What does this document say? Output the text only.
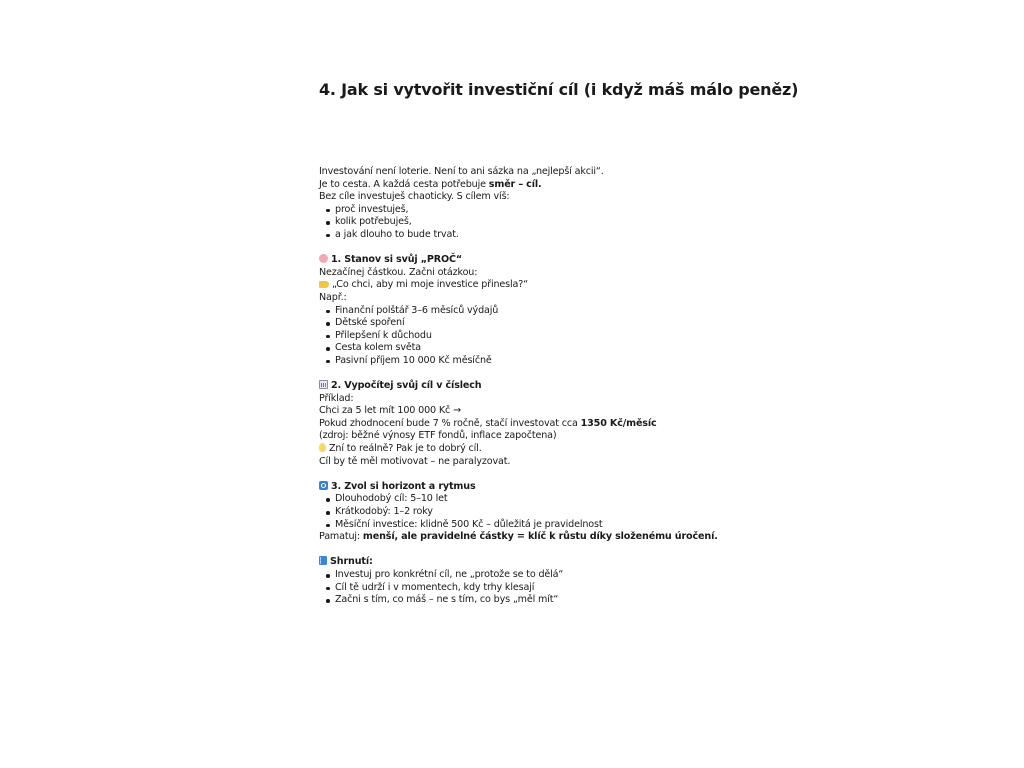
4. Jak si vytvořit investiční cíl (i když máš málo peněz)
Investování není loterie. Není to ani sázka na „nejlepší akcii“.
Je to cesta. A každá cesta potřebuje směr – cíl.
Bez cíle investuješ chaoticky. S cílem víš:
proč investuješ,
kolik potřebuješ,
a jak dlouho to bude trvat.
1. Stanov si svůj „PROČ“
Nezačínej částkou. Začni otázkou:
„Co chci, aby mi moje investice přinesla?“
Např.:
Finanční polštář 3–6 měsíců výdajů
Dětské spoření
Přilepšení k důchodu
Cesta kolem světa
Pasivní příjem 10 000 Kč měsíčně
2. Vypočítej svůj cíl v číslech
Příklad:
Chci za 5 let mít 100 000 Kč →
Pokud zhodnocení bude 7 % ročně, stačí investovat cca 1350 Kč/měsíc
(zdroj: běžné výnosy ETF fondů, inflace započtena)
Zní to reálně? Pak je to dobrý cíl.
Cíl by tě měl motivovat – ne paralyzovat.
3. Zvol si horizont a rytmus
Dlouhodobý cíl: 5–10 let
Krátkodobý: 1–2 roky
Měsíční investice: klidně 500 Kč – důležitá je pravidelnost
Pamatuj: menší, ale pravidelné částky = klíč k růstu díky složenému úročení.
Shrnutí:
Investuj pro konkrétní cíl, ne „protože se to dělá“
Cíl tě udrží i v momentech, kdy trhy klesají
Začni s tím, co máš – ne s tím, co bys „měl mít“
